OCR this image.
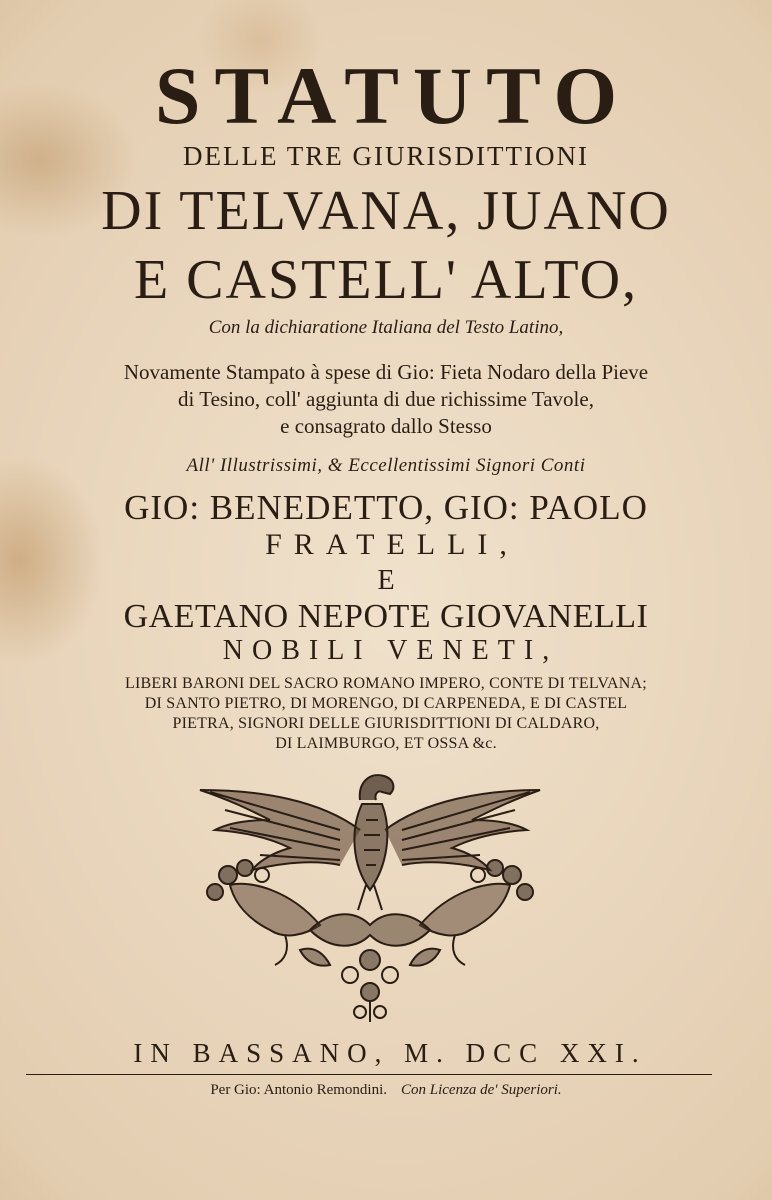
STATUTO
DELLE TRE GIURISDITTIONI
DI TELVANA, JUANO
E CASTELL' ALTO,
Con la dichiaratione Italiana del Testo Latino,
Novamente Stampato à spese di Gio: Fieta Nodaro della Pieve
di Tesino, coll' aggiunta di due richissime Tavole,
e consagrato dallo Stesso
All' Illustrissimi, & Eccellentissimi Signori Conti
GIO: BENEDETTO, GIO: PAOLO
FRATELLI,
E
GAETANO NEPOTE GIOVANELLI
NOBILI VENETI,
LIBERI BARONI DEL SACRO ROMANO IMPERO, CONTE DI TELVANA;
DI SANTO PIETRO, DI MORENGO, DI CARPENEDA, E DI CASTEL
PIETRA, SIGNORI DELLE GIURISDITTIONI DI CALDARO,
DI LAIMBURGO, ET OSSA &c.
IN BASSANO, M. DCC XXI.
Per Gio: Antonio Remondini. Con Licenza de' Superiori.
